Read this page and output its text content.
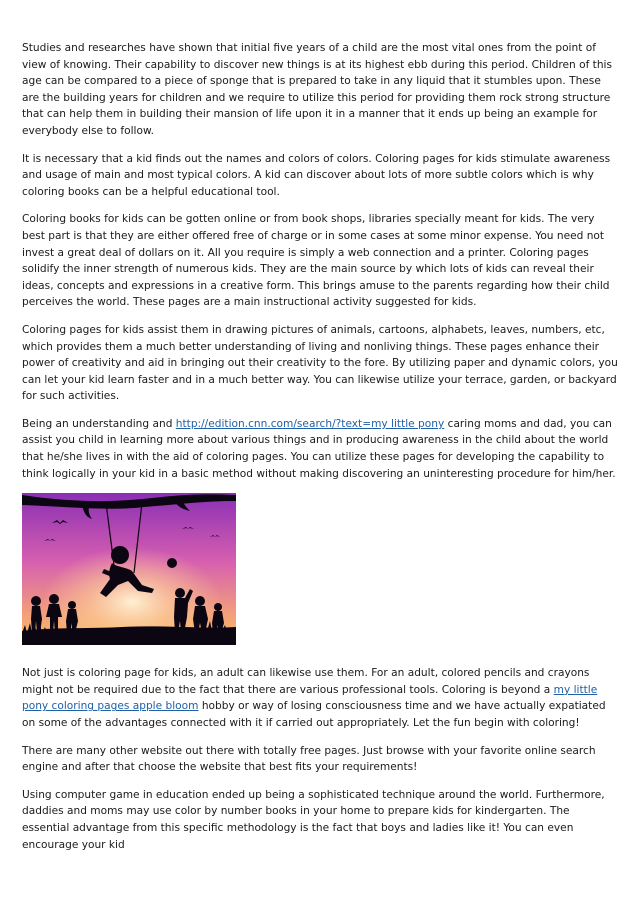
Studies and researches have shown that initial five years of a child are the most vital ones from the point of view of knowing. Their capability to discover new things is at its highest ebb during this period. Children of this age can be compared to a piece of sponge that is prepared to take in any liquid that it stumbles upon. These are the building years for children and we require to utilize this period for providing them rock strong structure that can help them in building their mansion of life upon it in a manner that it ends up being an example for everybody else to follow.

It is necessary that a kid finds out the names and colors of colors. Coloring pages for kids stimulate awareness and usage of main and most typical colors. A kid can discover about lots of more subtle colors which is why coloring books can be a helpful educational tool.

Coloring books for kids can be gotten online or from book shops, libraries specially meant for kids. The very best part is that they are either offered free of charge or in some cases at some minor expense. You need not invest a great deal of dollars on it. All you require is simply a web connection and a printer. Coloring pages solidify the inner strength of numerous kids. They are the main source by which lots of kids can reveal their ideas, concepts and expressions in a creative form. This brings amuse to the parents regarding how their child perceives the world. These pages are a main instructional activity suggested for kids.

Coloring pages for kids assist them in drawing pictures of animals, cartoons, alphabets, leaves, numbers, etc, which provides them a much better understanding of living and nonliving things. These pages enhance their power of creativity and aid in bringing out their creativity to the fore. By utilizing paper and dynamic colors, you can let your kid learn faster and in a much better way. You can likewise utilize your terrace, garden, or backyard for such activities.

Being an understanding and http://edition.cnn.com/search/?text=my little pony caring moms and dad, you can assist you child in learning more about various things and in producing awareness in the child about the world that he/she lives in with the aid of coloring pages. You can utilize these pages for developing the capability to think logically in your kid in a basic method without making discovering an uninteresting procedure for him/her.

Not just is coloring page for kids, an adult can likewise use them. For an adult, colored pencils and crayons might not be required due to the fact that there are various professional tools. Coloring is beyond a my little pony coloring pages apple bloom hobby or way of losing consciousness time and we have actually expatiated on some of the advantages connected with it if carried out appropriately. Let the fun begin with coloring!

There are many other website out there with totally free pages. Just browse with your favorite online search engine and after that choose the website that best fits your requirements!

Using computer game in education ended up being a sophisticated technique around the world. Furthermore, daddies and moms may use color by number books in your home to prepare kids for kindergarten. The essential advantage from this specific methodology is the fact that boys and ladies like it! You can even encourage your kid
